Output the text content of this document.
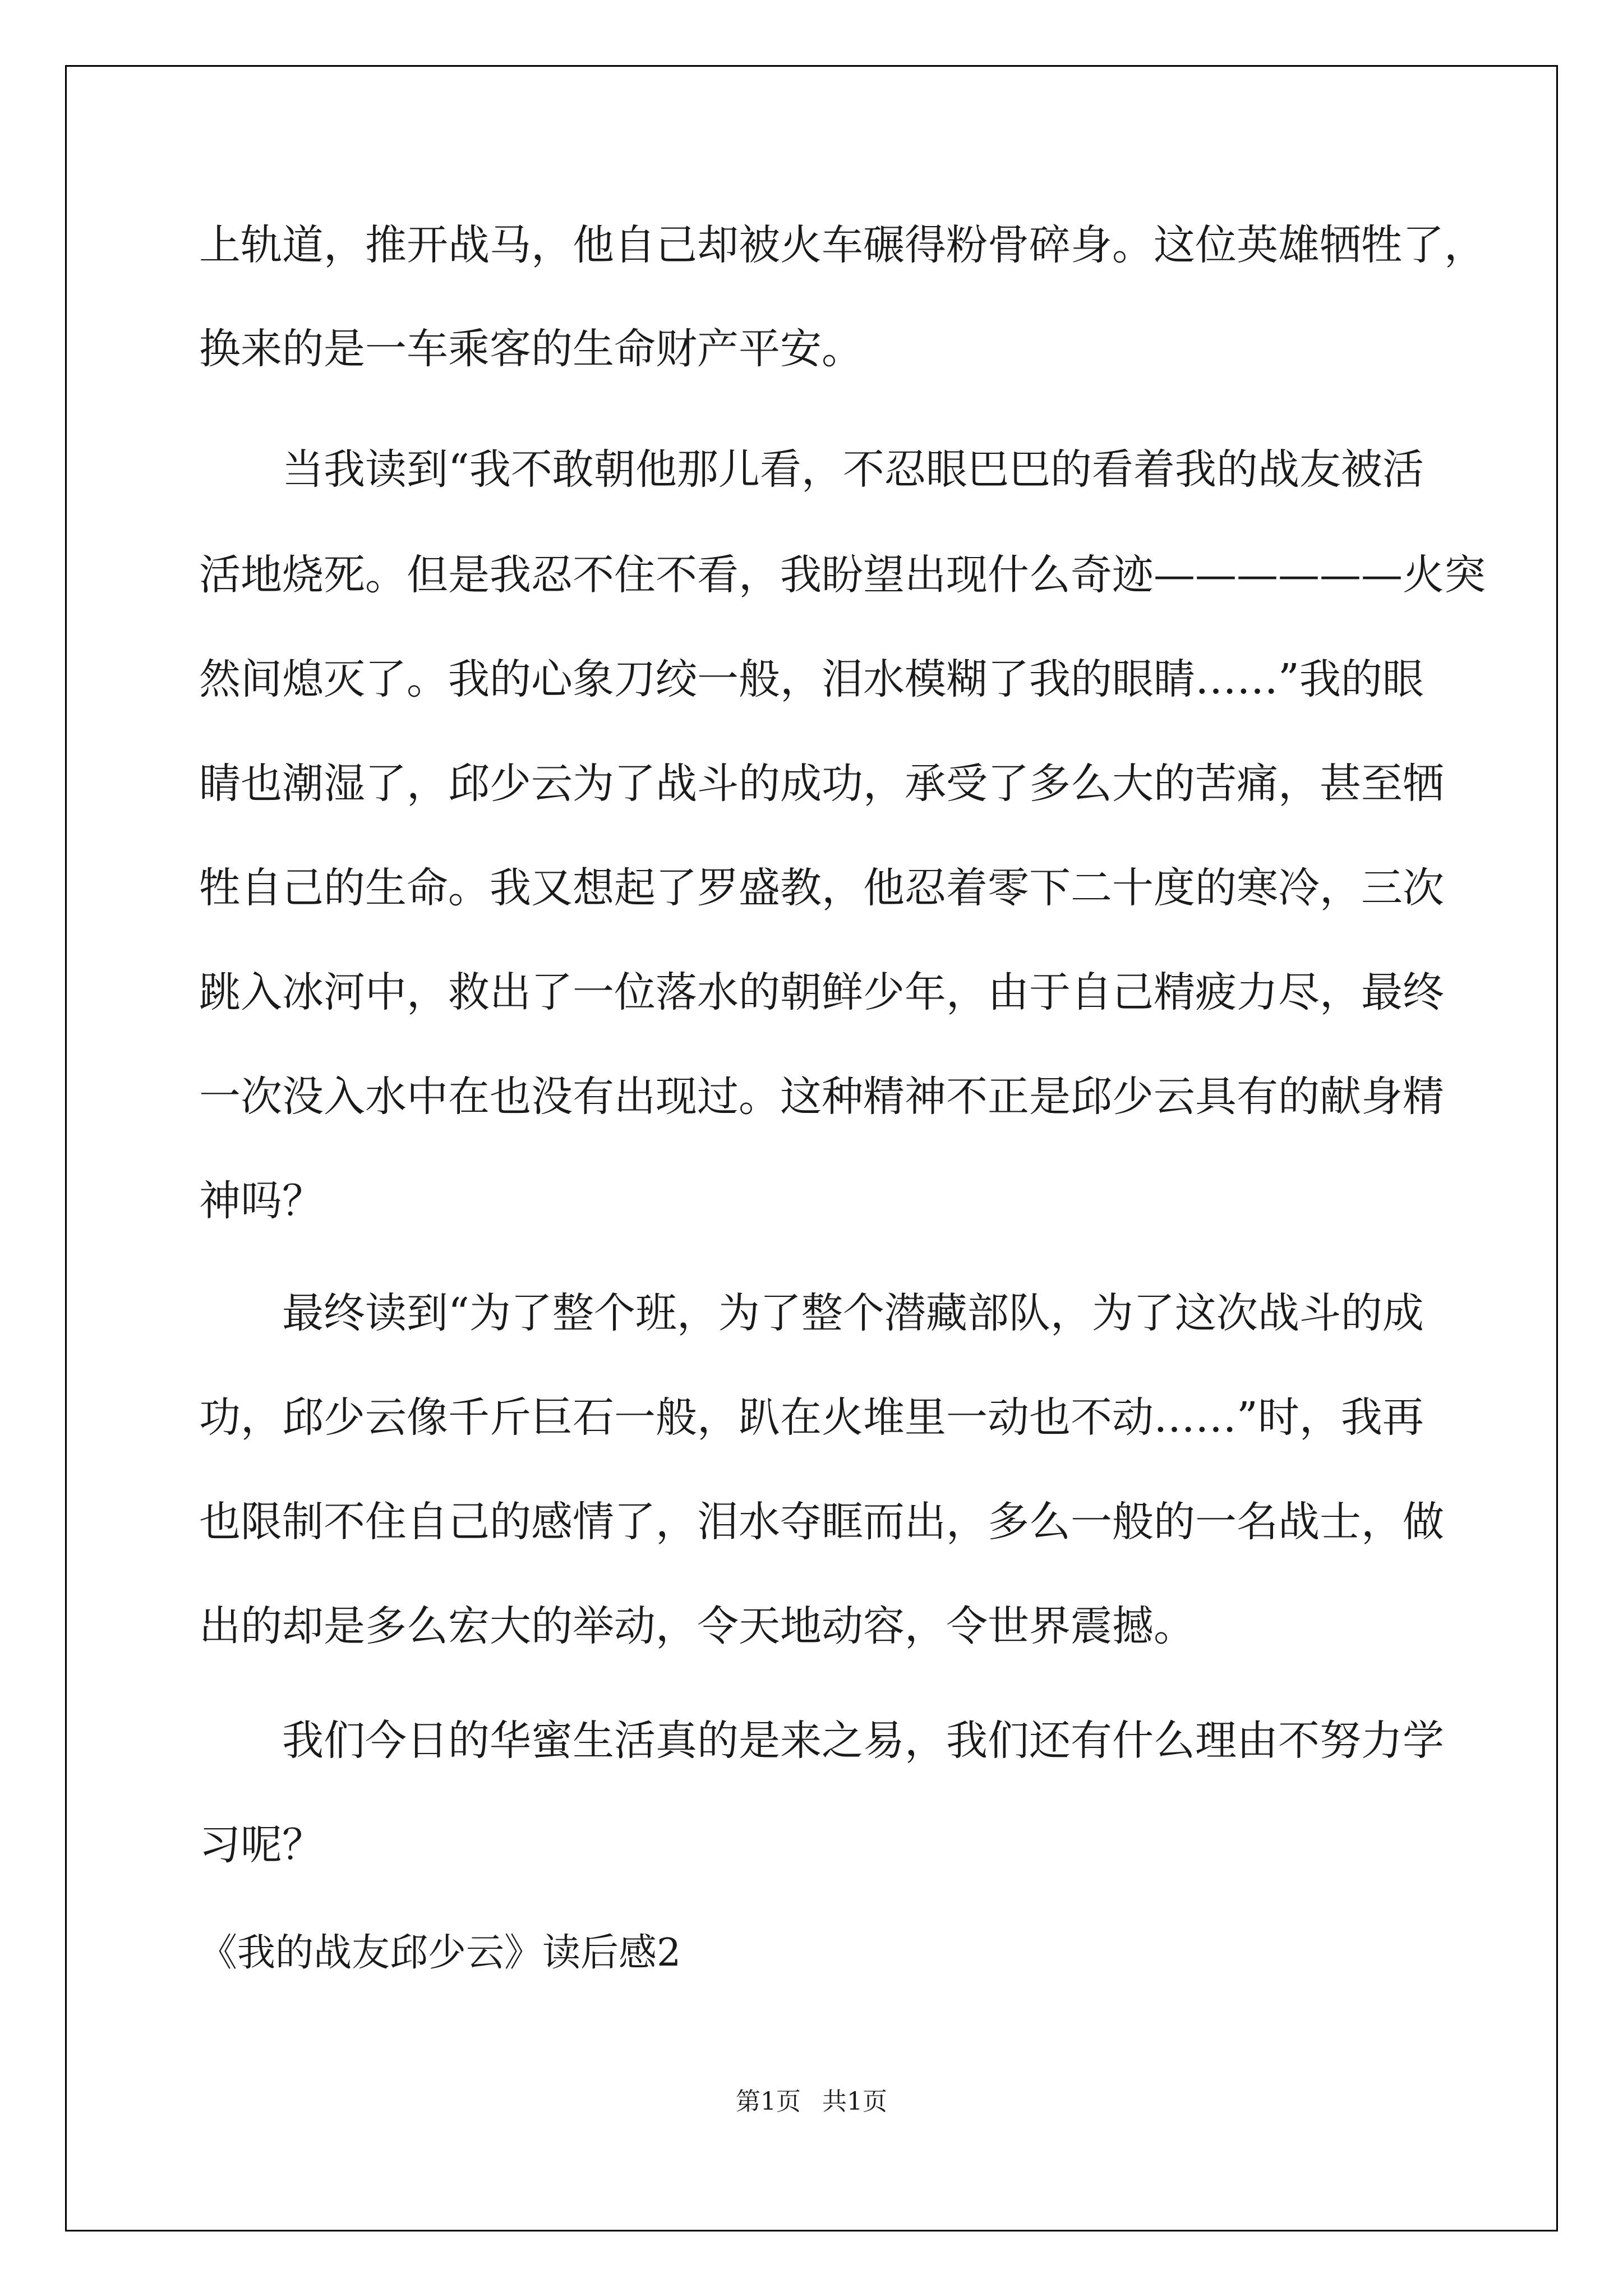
上轨道，推开战马，他自己却被火车碾得粉骨碎身。这位英雄牺牲了，
换来的是一车乘客的生命财产平安。
　　当我读到“我不敢朝他那儿看，不忍眼巴巴的看着我的战友被活
活地烧死。但是我忍不住不看，我盼望出现什么奇迹——————火突
然间熄灭了。我的心象刀绞一般，泪水模糊了我的眼睛……”我的眼
睛也潮湿了，邱少云为了战斗的成功，承受了多么大的苦痛，甚至牺
牲自己的生命。我又想起了罗盛教，他忍着零下二十度的寒冷，三次
跳入冰河中，救出了一位落水的朝鲜少年，由于自己精疲力尽，最终
一次没入水中在也没有出现过。这种精神不正是邱少云具有的献身精
神吗？
　　最终读到“为了整个班，为了整个潜藏部队，为了这次战斗的成
功，邱少云像千斤巨石一般，趴在火堆里一动也不动……”时，我再
也限制不住自己的感情了，泪水夺眶而出，多么一般的一名战士，做
出的却是多么宏大的举动，令天地动容，令世界震撼。
　　我们今日的华蜜生活真的是来之易，我们还有什么理由不努力学
习呢？
《我的战友邱少云》读后感2
第1页 共1页
